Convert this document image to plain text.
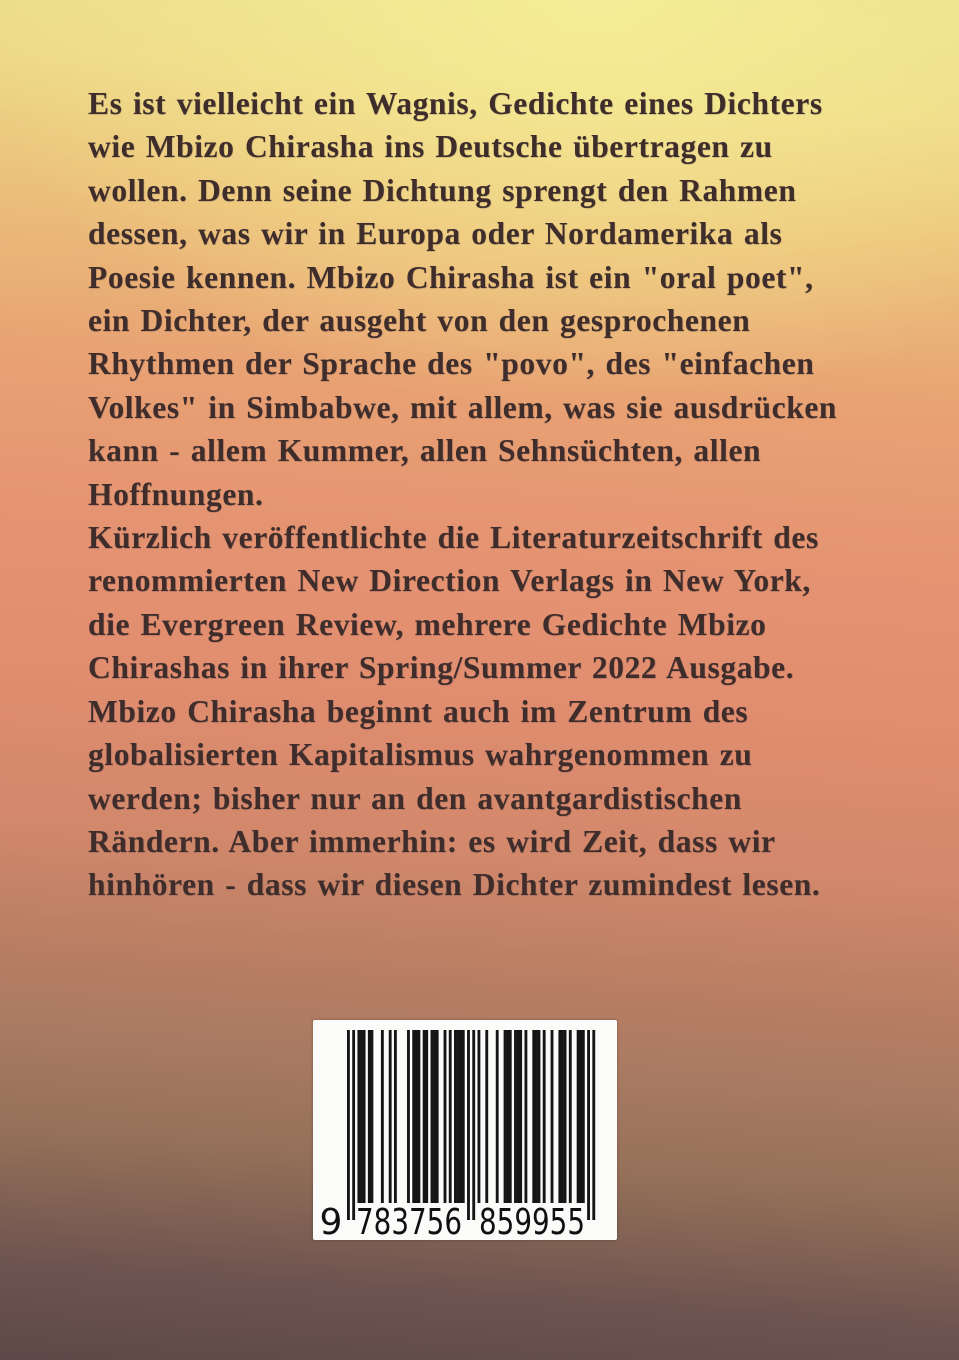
Es ist vielleicht ein Wagnis, Gedichte eines Dichters
wie Mbizo Chirasha ins Deutsche übertragen zu
wollen. Denn seine Dichtung sprengt den Rahmen
dessen, was wir in Europa oder Nordamerika als
Poesie kennen. Mbizo Chirasha ist ein "oral poet",
ein Dichter, der ausgeht von den gesprochenen
Rhythmen der Sprache des "povo", des "einfachen
Volkes" in Simbabwe, mit allem, was sie ausdrücken
kann - allem Kummer, allen Sehnsüchten, allen
Hoffnungen.
Kürzlich veröffentlichte die Literaturzeitschrift des
renommierten New Direction Verlags in New York,
die Evergreen Review, mehrere Gedichte Mbizo
Chirashas in ihrer Spring/Summer 2022 Ausgabe.
Mbizo Chirasha beginnt auch im Zentrum des
globalisierten Kapitalismus wahrgenommen zu
werden; bisher nur an den avantgardistischen
Rändern. Aber immerhin: es wird Zeit, dass wir
hinhören - dass wir diesen Dichter zumindest lesen.
9 783756 859955
